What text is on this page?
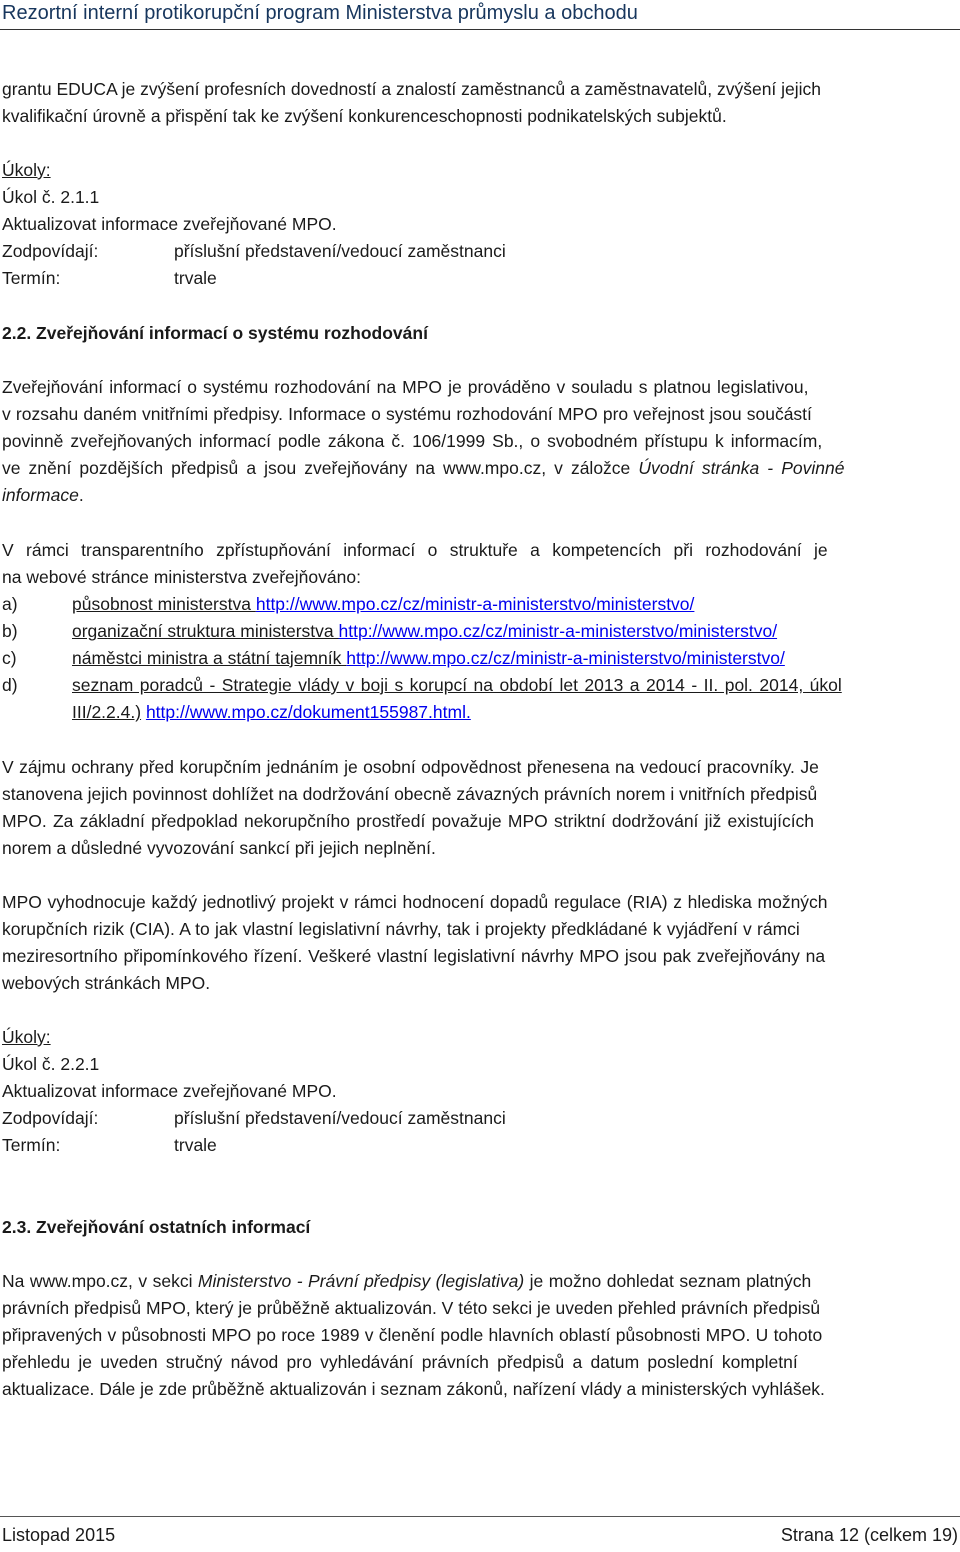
Rezortní interní protikorupční program Ministerstva průmyslu a obchodu
grantu EDUCA je zvýšení profesních dovedností a znalostí zaměstnanců a zaměstnavatelů, zvýšení jejich
kvalifikační úrovně a přispění tak ke zvýšení konkurenceschopnosti podnikatelských subjektů.
Úkoly:
Úkol č. 2.1.1
Aktualizovat informace zveřejňované MPO.
Zodpovídají:	příslušní představení/vedoucí zaměstnanci
Termín:	trvale
2.2. Zveřejňování informací o systému rozhodování
Zveřejňování informací o systému rozhodování na MPO je prováděno v souladu s platnou legislativou,
v rozsahu daném vnitřními předpisy. Informace o systému rozhodování MPO pro veřejnost jsou součástí
povinně zveřejňovaných informací podle zákona č. 106/1999 Sb., o svobodném přístupu k informacím,
ve znění pozdějších předpisů a jsou zveřejňovány na www.mpo.cz, v záložce Úvodní stránka - Povinné
informace.
V rámci transparentního zpřístupňování informací o struktuře a kompetencích při rozhodování je
na webové stránce ministerstva zveřejňováno:
a)	působnost ministerstva http://www.mpo.cz/cz/ministr-a-ministerstvo/ministerstvo/
b)	organizační struktura ministerstva http://www.mpo.cz/cz/ministr-a-ministerstvo/ministerstvo/
c)	náměstci ministra a státní tajemník http://www.mpo.cz/cz/ministr-a-ministerstvo/ministerstvo/
d)	seznam poradců - Strategie vlády v boji s korupcí na období let 2013 a 2014 - II. pol. 2014, úkol
III/2.2.4.) http://www.mpo.cz/dokument155987.html.
V zájmu ochrany před korupčním jednáním je osobní odpovědnost přenesena na vedoucí pracovníky. Je
stanovena jejich povinnost dohlížet na dodržování obecně závazných právních norem i vnitřních předpisů
MPO. Za základní předpoklad nekorupčního prostředí považuje MPO striktní dodržování již existujících
norem a důsledné vyvozování sankcí při jejich neplnění.
MPO vyhodnocuje každý jednotlivý projekt v rámci hodnocení dopadů regulace (RIA) z hlediska možných
korupčních rizik (CIA). A to jak vlastní legislativní návrhy, tak i projekty předkládané k vyjádření v rámci
meziresortního připomínkového řízení. Veškeré vlastní legislativní návrhy MPO jsou pak zveřejňovány na
webových stránkách MPO.
Úkoly:
Úkol č. 2.2.1
Aktualizovat informace zveřejňované MPO.
Zodpovídají:	příslušní představení/vedoucí zaměstnanci
Termín:	trvale
2.3. Zveřejňování ostatních informací
Na www.mpo.cz, v sekci Ministerstvo - Právní předpisy (legislativa) je možno dohledat seznam platných
právních předpisů MPO, který je průběžně aktualizován. V této sekci je uveden přehled právních předpisů
připravených v působnosti MPO po roce 1989 v členění podle hlavních oblastí působnosti MPO. U tohoto
přehledu je uveden stručný návod pro vyhledávání právních předpisů a datum poslední kompletní
aktualizace. Dále je zde průběžně aktualizován i seznam zákonů, nařízení vlády a ministerských vyhlášek.
Listopad 2015	Strana 12 (celkem 19)
